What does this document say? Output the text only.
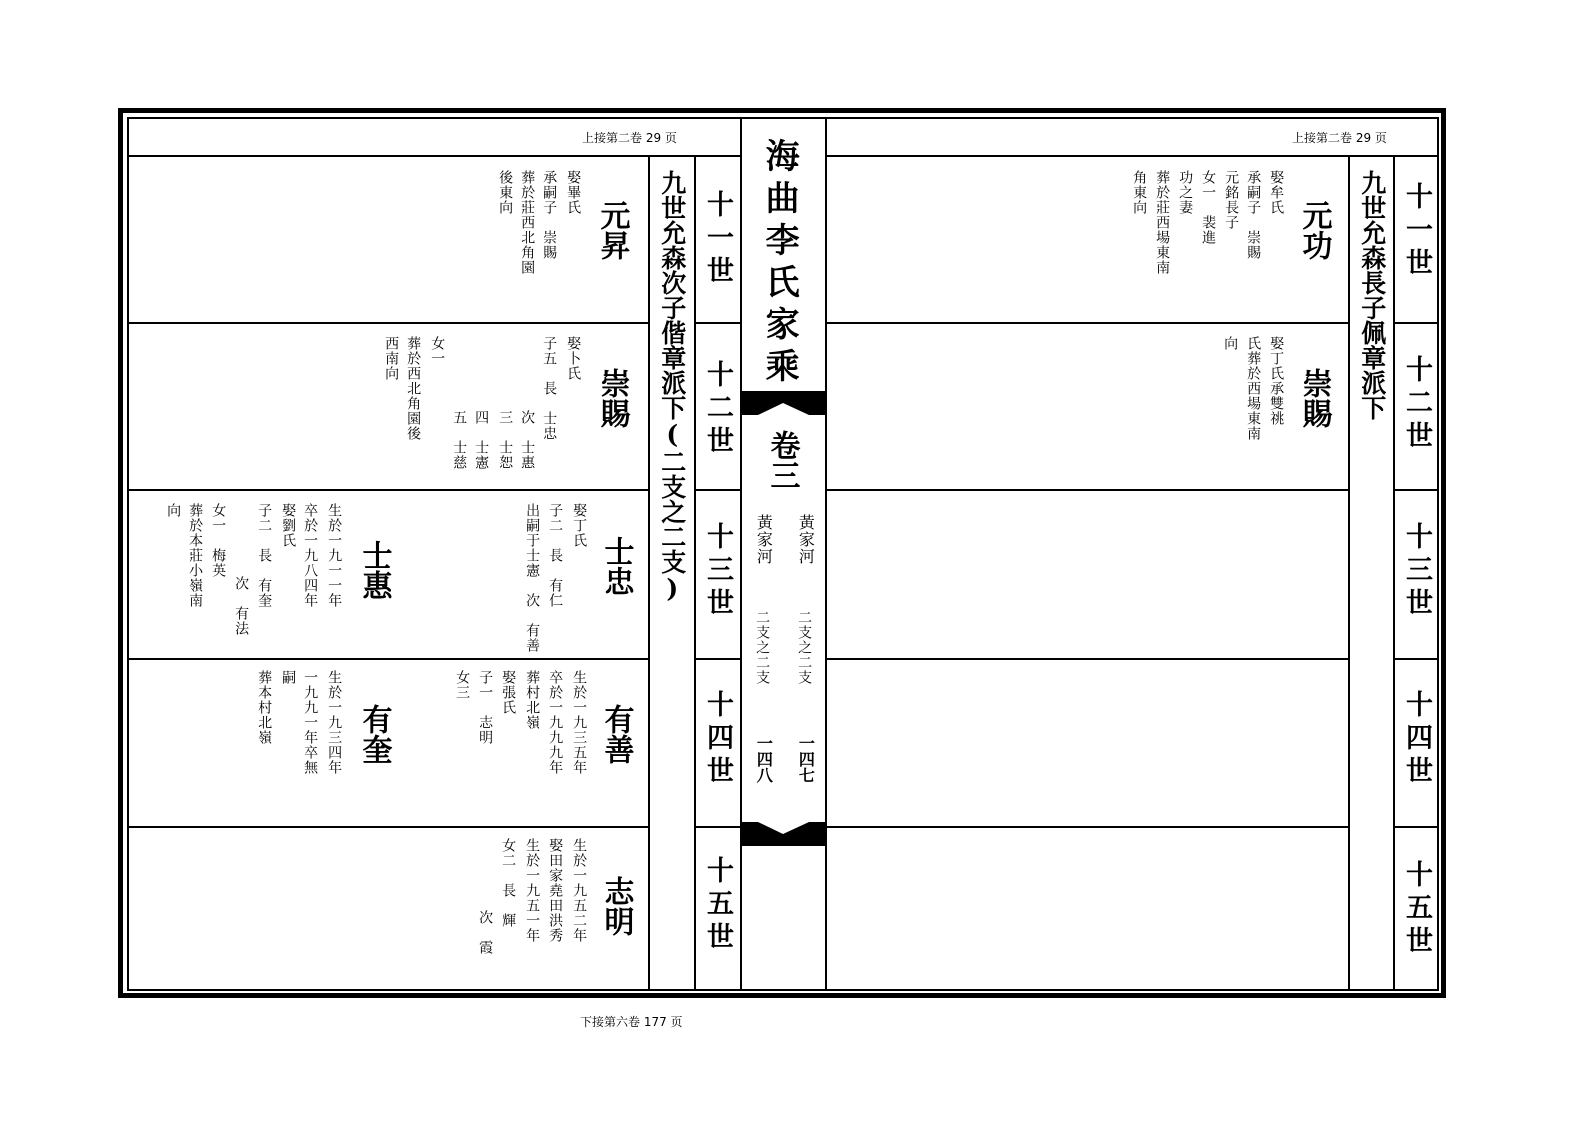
上接第二卷 29 页	上接第二卷 29 页
下接第六卷 177 页
海曲李氏家乘
卷三
黃家河
二支之二支
一四七
黃家河
二支之二支
一四八
十一世
十二世
十三世
十四世
十五世
十一世
十二世
十三世
十四世
十五世
九世允森次子偕章派下(二支之二支)	九世允森長子佩章派下
元昇
娶畢氏
承嗣子　崇賜
葬於莊西北角園
後東向
崇賜
娶卜氏
子五　長　士忠
次　士惠
三　士恕
四　士憲
五　士慈
女一
葬於西北角園後
西南向
士忠
娶丁氏
子二　長　有仁
出嗣于士憲　次　有善
士惠
生於一九一一年
卒於一九八四年
娶劉氏
子二　長　有奎
次　有法
女一　梅英
葬於本莊小嶺南
向
有善
生於一九三五年
卒於一九九九年
葬村北嶺
娶張氏
子一　志明
女三
有奎
生於一九三四年
一九九一年卒無
嗣
葬本村北嶺
志明
生於一九五二年
娶田家堯田洪秀
生於一九五一年
女二　長　輝
次　霞
元功
娶牟氏
承嗣子　崇賜
元銘長子
女一　裴進
功之妻
葬於莊西場東南
角東向
崇賜
娶丁氏承雙祧
氏葬於西場東南
向
